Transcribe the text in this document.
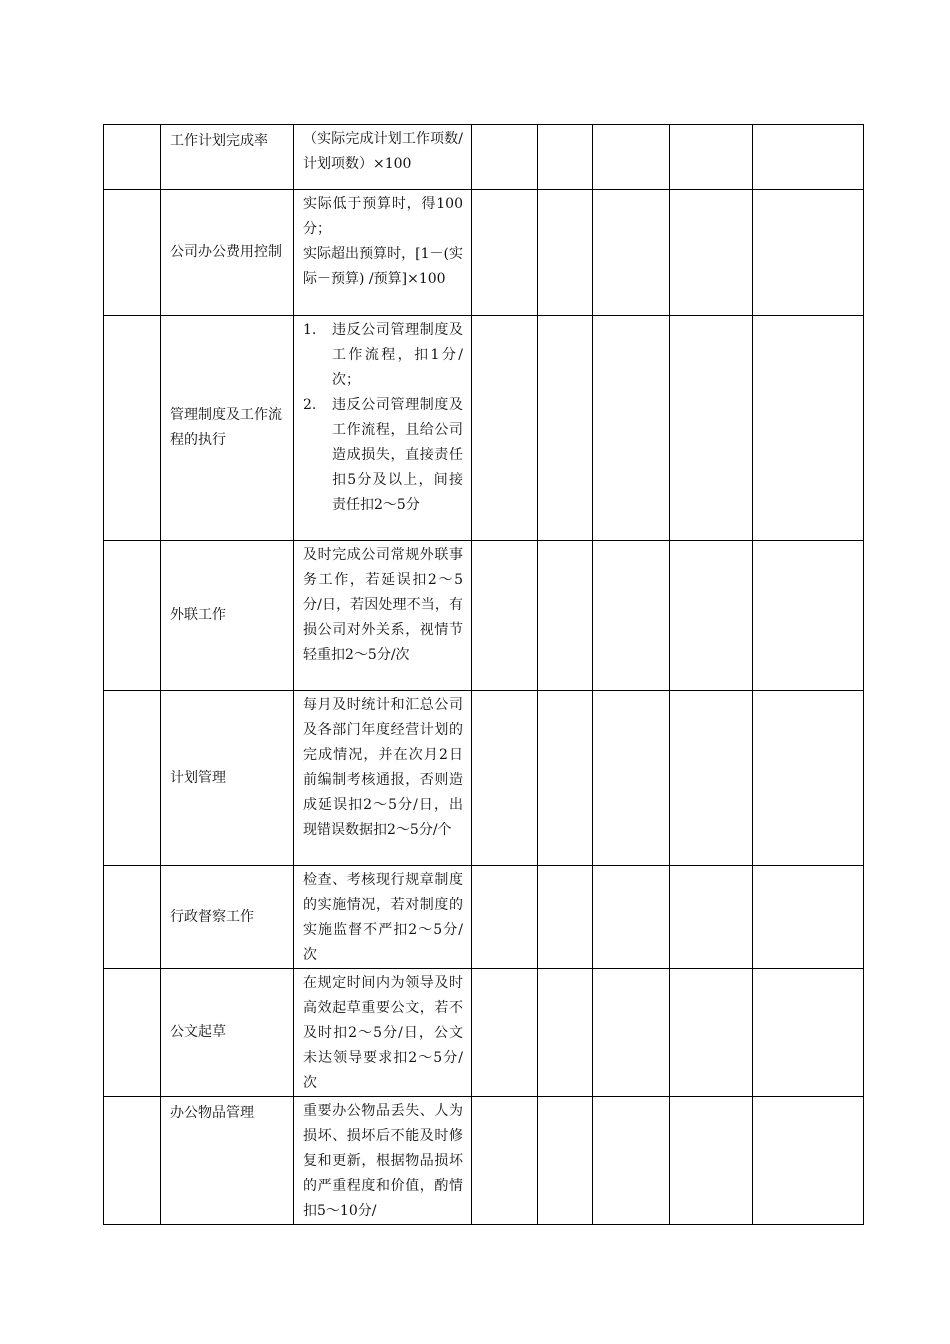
	工作计划完成率	（实际完成计划工作项数/计划项数）×100					

	公司办公费用控制	实际低于预算时，得100分；
实际超出预算时，[1－(实际－预算) /预算]×100					

	管理制度及工作流程的执行	1. 违反公司管理制度及工作流程，扣1分/次；
2. 违反公司管理制度及工作流程，且给公司造成损失，直接责任扣5分及以上，间接责任扣2～5分					

	外联工作	及时完成公司常规外联事务工作，若延误扣2～5分/日，若因处理不当，有损公司对外关系，视情节轻重扣2～5分/次					

	计划管理	每月及时统计和汇总公司及各部门年度经营计划的完成情况，并在次月2日前编制考核通报，否则造成延误扣2～5分/日，出现错误数据扣2～5分/个					

	行政督察工作	检查、考核现行规章制度的实施情况，若对制度的实施监督不严扣2～5分/次					

	公文起草	在规定时间内为领导及时高效起草重要公文，若不及时扣2～5分/日，公文未达领导要求扣2～5分/次					

	办公物品管理	重要办公物品丢失、人为损坏、损坏后不能及时修复和更新，根据物品损坏的严重程度和价值，酌情扣5～10分/					
